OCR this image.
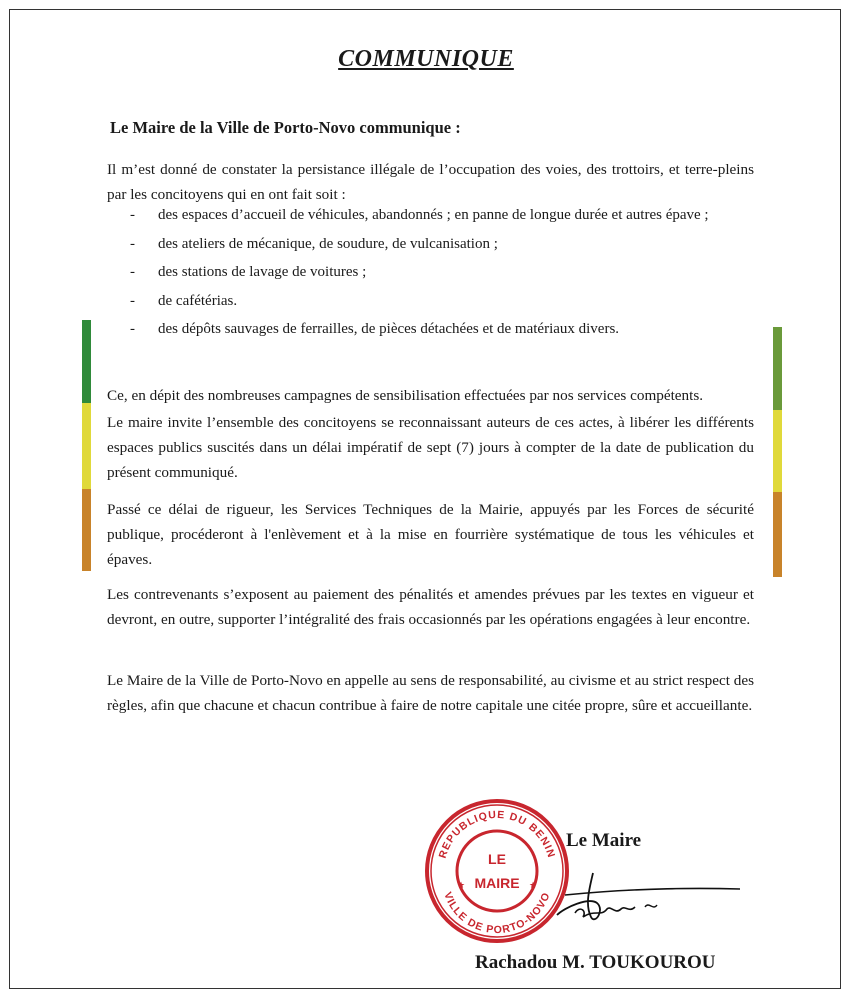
COMMUNIQUE
Le Maire de la Ville de Porto-Novo communique :

Il m’est donné de constater la persistance illégale de l’occupation des voies, des trottoirs, et terre-pleins par les concitoyens qui en ont fait soit :

- des espaces d’accueil de véhicules, abandonnés ; en panne de longue durée et autres épave ;
- des ateliers de mécanique, de soudure, de vulcanisation ;
- des stations de lavage de voitures ;
- de cafétérias.
- des dépôts sauvages de ferrailles, de pièces détachées et de matériaux divers.

Ce, en dépit des nombreuses campagnes de sensibilisation effectuées par nos services compétents.

Le maire invite l’ensemble des concitoyens se reconnaissant auteurs de ces actes, à libérer les différents espaces publics suscités dans un délai impératif de sept (7) jours à compter de la date de publication du présent communiqué.

Passé ce délai de rigueur, les Services Techniques de la Mairie, appuyés par les Forces de sécurité publique, procéderont à l'enlèvement et à la mise en fourrière systématique de tous les véhicules et épaves.

Les contrevenants s’exposent au paiement des pénalités et amendes prévues par les textes en vigueur et devront, en outre, supporter l’intégralité des frais occasionnés par les opérations engagées à leur encontre.

Le Maire de la Ville de Porto-Novo en appelle au sens de responsabilité, au civisme et au strict respect des règles, afin que chacune et chacun contribue à faire de notre capitale une citée propre, sûre et accueillante.

REPUBLIQUE DU BENIN
VILLE DE PORTO-NOVO
LE
MAIRE
★	★
Le Maire
Rachadou M. TOUKOUROU
